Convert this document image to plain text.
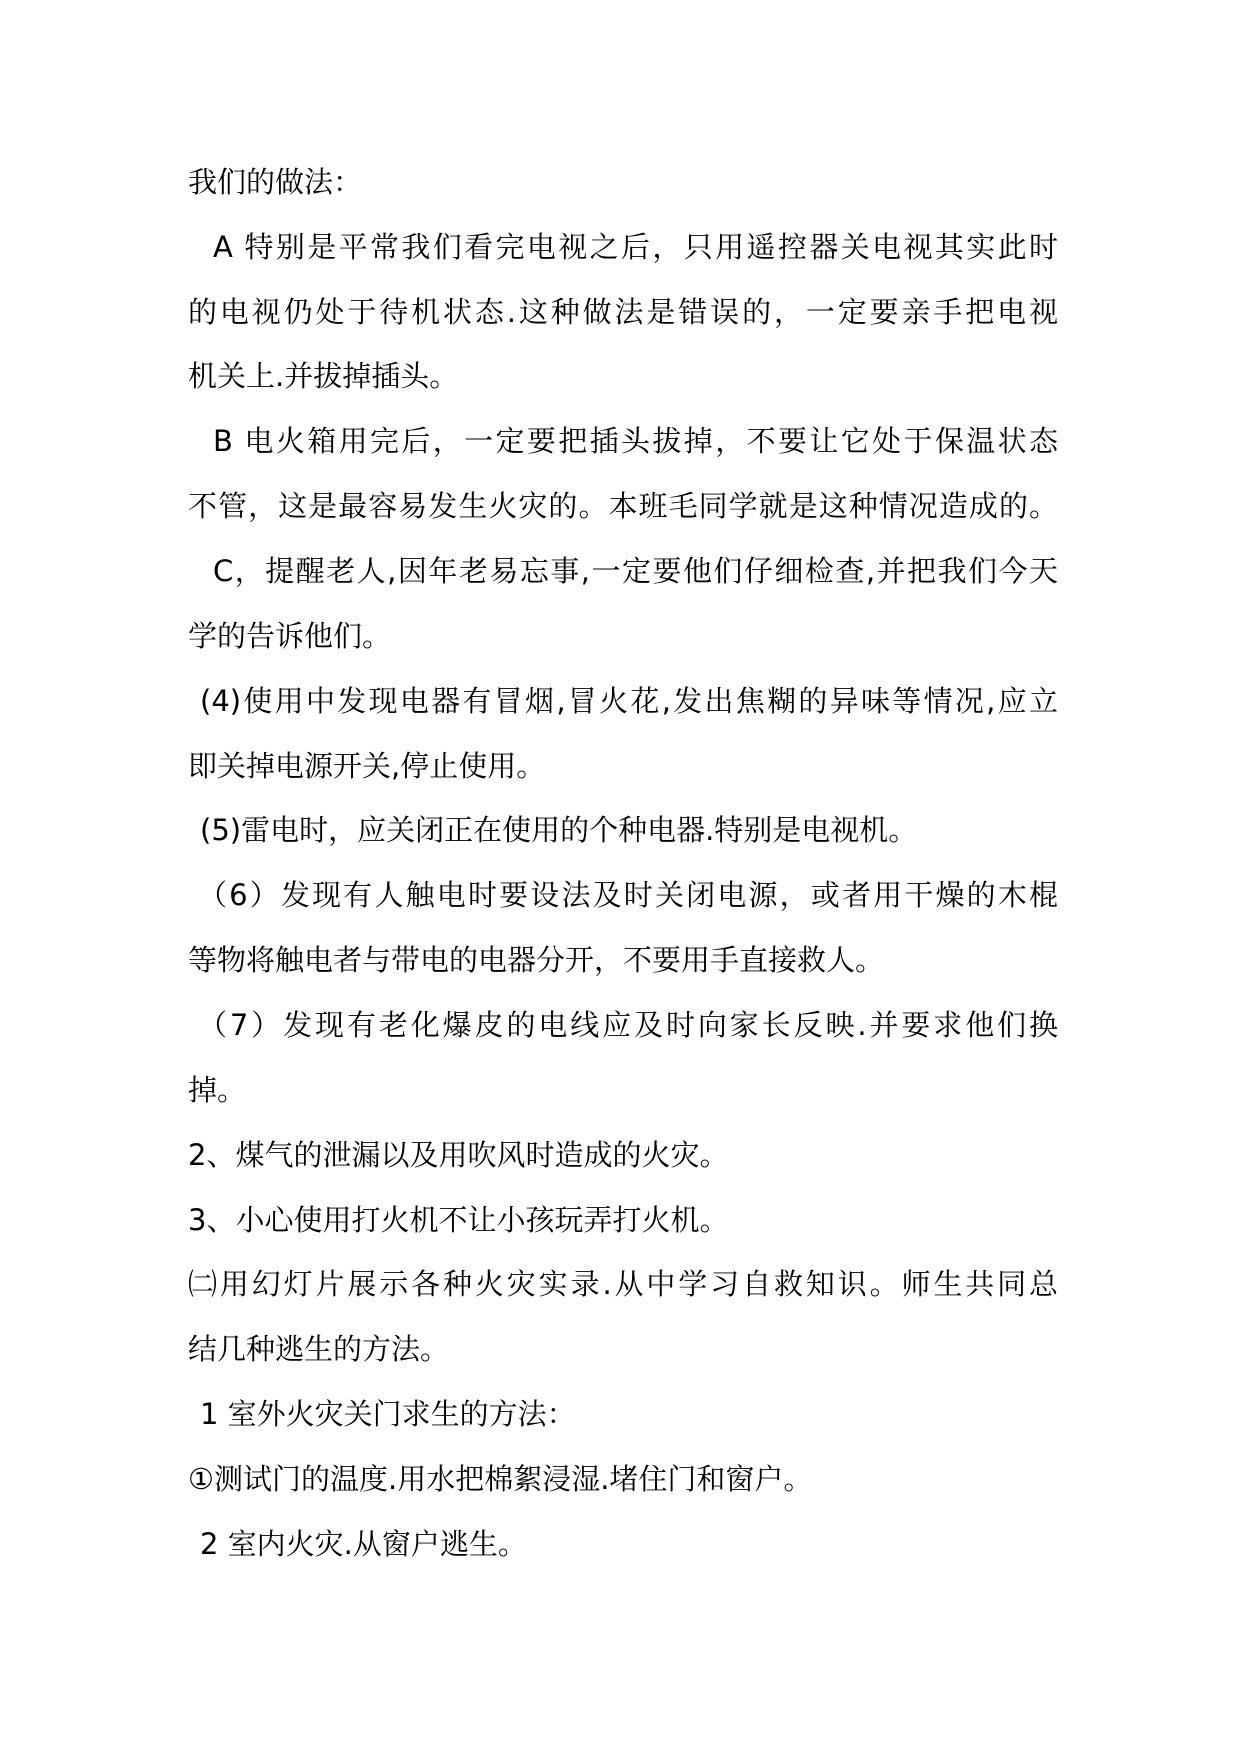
我们的做法：
A 特别是平常我们看完电视之后，只用遥控器关电视其实此时
的电视仍处于待机状态.这种做法是错误的，一定要亲手把电视
机关上.并拔掉插头。
B 电火箱用完后，一定要把插头拔掉，不要让它处于保温状态
不管，这是最容易发生火灾的。本班毛同学就是这种情况造成的。
C，提醒老人,因年老易忘事,一定要他们仔细检查,并把我们今天
学的告诉他们。
(4)使用中发现电器有冒烟,冒火花,发出焦糊的异味等情况,应立
即关掉电源开关,停止使用。
(5)雷电时，应关闭正在使用的个种电器.特别是电视机。
（6）发现有人触电时要设法及时关闭电源，或者用干燥的木棍
等物将触电者与带电的电器分开，不要用手直接救人。
（7）发现有老化爆皮的电线应及时向家长反映.并要求他们换
掉。
2、煤气的泄漏以及用吹风时造成的火灾。
3、小心使用打火机不让小孩玩弄打火机。
㈡用幻灯片展示各种火灾实录.从中学习自救知识。师生共同总
结几种逃生的方法。
1 室外火灾关门求生的方法：
①测试门的温度.用水把棉絮浸湿.堵住门和窗户。
2 室内火灾.从窗户逃生。
